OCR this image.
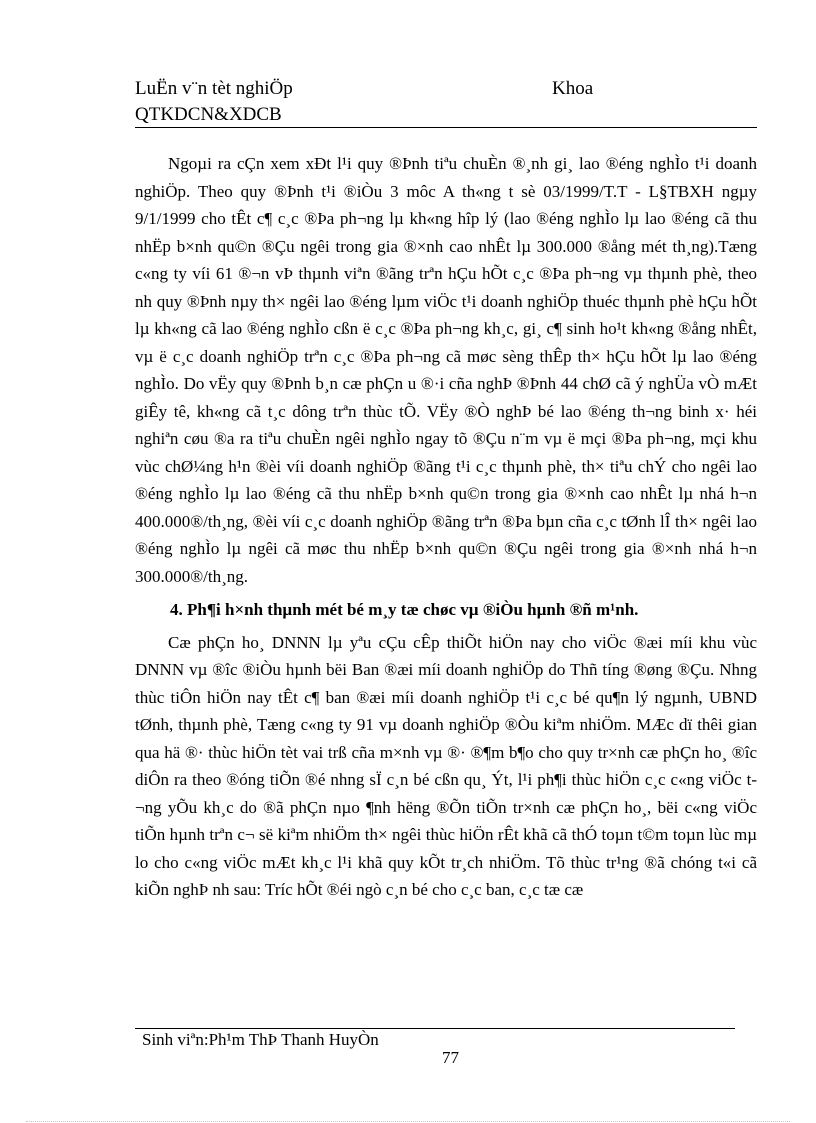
LuËn v¨n tèt nghiÖp	Khoa
QTKDCN&XDCB

Ngoµi ra cÇn xem xÐt l¹i quy ®Þnh tiªu chuÈn ®¸nh gi¸ lao ®éng nghÌo t¹i doanh nghiÖp. Theo quy ®Þnh t¹i ®iÒu 3 môc A th«ng t sè 03/1999/T.T - L§TBXH ngµy 9/1/1999 cho tÊt c¶ c¸c ®Þa ph¬ng lµ kh«ng hîp lý (lao ®éng nghÌo lµ lao ®éng cã thu nhËp b×nh qu©n ®Çu ngêi trong gia ®×nh cao nhÊt lµ 300.000 ®ång mét th¸ng).Tæng c«ng ty víi 61 ®¬n vÞ thµnh viªn ®ãng trªn hÇu hÕt c¸c ®Þa ph¬ng vµ thµnh phè, theo nh quy ®Þnh nµy th× ngêi lao ®éng lµm viÖc t¹i doanh nghiÖp thuéc thµnh phè hÇu hÕt lµ kh«ng cã lao ®éng nghÌo cßn ë c¸c ®Þa ph¬ng kh¸c, gi¸ c¶ sinh ho¹t kh«ng ®ång nhÊt, vµ ë c¸c doanh nghiÖp trªn c¸c ®Þa ph¬ng cã møc sèng thÊp th× hÇu hÕt lµ lao ®éng nghÌo. Do vËy quy ®Þnh b¸n cæ phÇn u ®·i cña nghÞ ®Þnh 44 chØ cã ý nghÜa vÒ mÆt giÊy tê, kh«ng cã t¸c dông trªn thùc tÕ. VËy ®Ò nghÞ bé lao ®éng th¬ng binh x· héi nghiªn cøu ®a ra tiªu chuÈn ngêi nghÌo ngay tõ ®Çu n¨m vµ ë mçi ®Þa ph¬ng, mçi khu vùc chØ¼ng h¹n ®èi víi doanh nghiÖp ®ãng t¹i c¸c thµnh phè, th× tiªu chÝ cho ngêi lao ®éng nghÌo lµ lao ®éng cã thu nhËp b×nh qu©n trong gia ®×nh cao nhÊt lµ nhá h¬n 400.000®/th¸ng, ®èi víi c¸c doanh nghiÖp ®ãng trªn ®Þa bµn cña c¸c tØnh lÎ th× ngêi lao ®éng nghÌo lµ ngêi cã møc thu nhËp b×nh qu©n ®Çu ngêi trong gia ®×nh nhá h¬n 300.000®/th¸ng.

4. Ph¶i h×nh thµnh mét bé m¸y tæ chøc vµ ®iÒu hµnh ®ñ m¹nh.

Cæ phÇn ho¸ DNNN lµ yªu cÇu cÊp thiÕt hiÖn nay cho viÖc ®æi míi khu vùc DNNN vµ ®îc ®iÒu hµnh bëi Ban ®æi míi doanh nghiÖp do Thñ tíng ®øng ®Çu. Nhng thùc tiÔn hiÖn nay tÊt c¶ ban ®æi míi doanh nghiÖp t¹i c¸c bé qu¶n lý ngµnh, UBND tØnh, thµnh phè, Tæng c«ng ty 91 vµ doanh nghiÖp ®Òu kiªm nhiÖm. MÆc dï thêi gian qua hä ®· thùc hiÖn tèt vai trß cña m×nh vµ ®· ®¶m b¶o cho quy tr×nh cæ phÇn ho¸ ®îc diÔn ra theo ®óng tiÕn ®é nhng sÏ c¸n bé cßn qu¸ Ýt, l¹i ph¶i thùc hiÖn c¸c c«ng viÖc t¬ng yÕu kh¸c do ®ã phÇn nµo ¶nh hëng ®Õn tiÕn tr×nh cæ phÇn ho¸, bëi c«ng viÖc tiÕn hµnh trªn c¬ së kiªm nhiÖm th× ngêi thùc hiÖn rÊt khã cã thÓ toµn t©m toµn lùc mµ lo cho c«ng viÖc mÆt kh¸c l¹i khã quy kÕt tr¸ch nhiÖm. Tõ thùc tr¹ng ®ã chóng t«i cã kiÕn nghÞ nh sau: Tríc hÕt ®éi ngò c¸n bé cho c¸c ban, c¸c tæ cæ

Sinh viªn:Ph¹m ThÞ Thanh HuyÒn
77
